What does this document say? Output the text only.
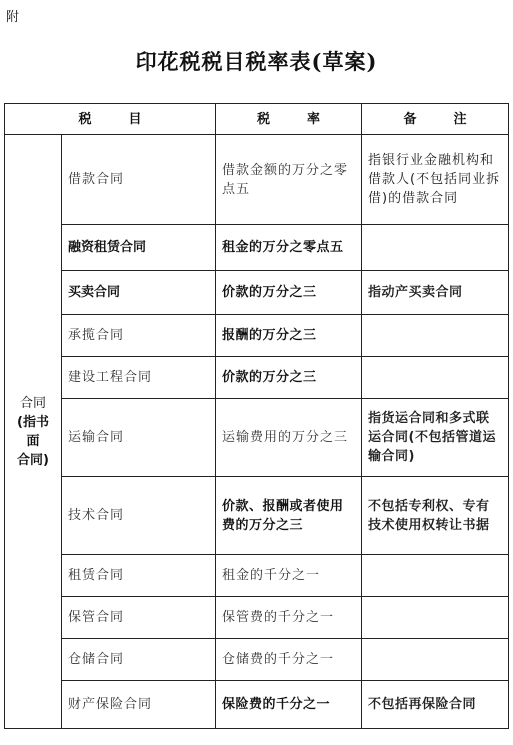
附
印花税税目税率表(草案)
税　目		税　率	备　注

合同
(指书面
合同)	借款合同	借款金额的万分之零点五	指银行业金融机构和借款人(不包括同业拆借)的借款合同
	融资租赁合同	租金的万分之零点五	
	买卖合同	价款的万分之三	指动产买卖合同
	承揽合同	报酬的万分之三	
	建设工程合同	价款的万分之三	
	运输合同	运输费用的万分之三	指货运合同和多式联运合同(不包括管道运输合同)
	技术合同	价款、报酬或者使用费的万分之三	不包括专利权、专有技术使用权转让书据
	租赁合同	租金的千分之一	
	保管合同	保管费的千分之一	
	仓储合同	仓储费的千分之一	
	财产保险合同	保险费的千分之一	不包括再保险合同
